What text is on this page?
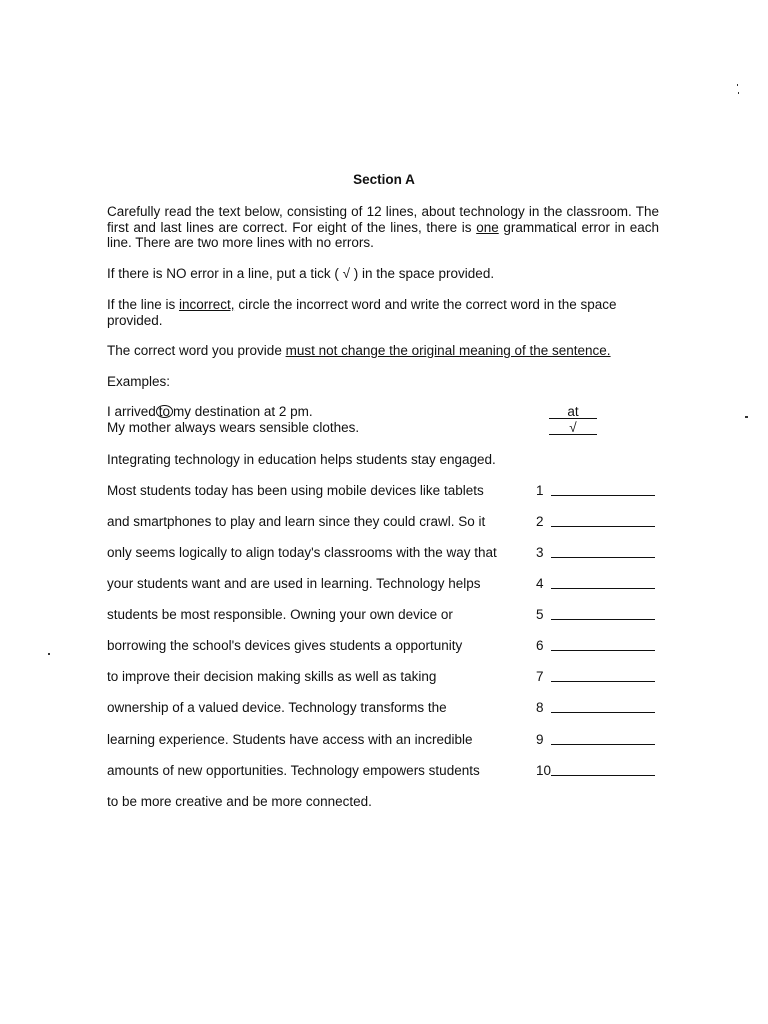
Section A
Carefully read the text below, consisting of 12 lines, about technology in the classroom. The first and last lines are correct. For eight of the lines, there is one grammatical error in each line. There are two more lines with no errors.
If there is NO error in a line, put a tick ( √ ) in the space provided.
If the line is incorrect, circle the incorrect word and write the correct word in the space provided.
The correct word you provide must not change the original meaning of the sentence.
Examples:
I arrived to my destination at 2 pm.	at
My mother always wears sensible clothes.	√
Integrating technology in education helps students stay engaged.
Most students today has been using mobile devices like tablets	1
and smartphones to play and learn since they could crawl. So it	2
only seems logically to align today's classrooms with the way that	3
your students want and are used in learning. Technology helps	4
students be most responsible. Owning your own device or	5
borrowing the school's devices gives students a opportunity	6
to improve their decision making skills as well as taking	7
ownership of a valued device. Technology transforms the	8
learning experience. Students have access with an incredible	9
amounts of new opportunities. Technology empowers students	10
to be more creative and be more connected.
